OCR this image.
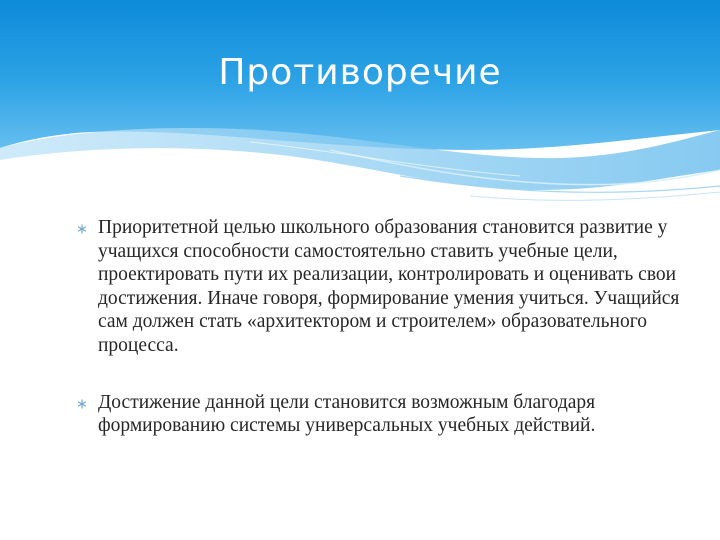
Противоречие
Приоритетной целью школьного образования становится развитие у учащихся способности самостоятельно ставить учебные цели, проектировать пути их реализации, контролировать и оценивать свои достижения. Иначе говоря, формирование умения учиться. Учащийся сам должен стать «архитектором и строителем» образовательного процесса.
Достижение данной цели становится возможным благодаря формированию системы универсальных учебных действий.
